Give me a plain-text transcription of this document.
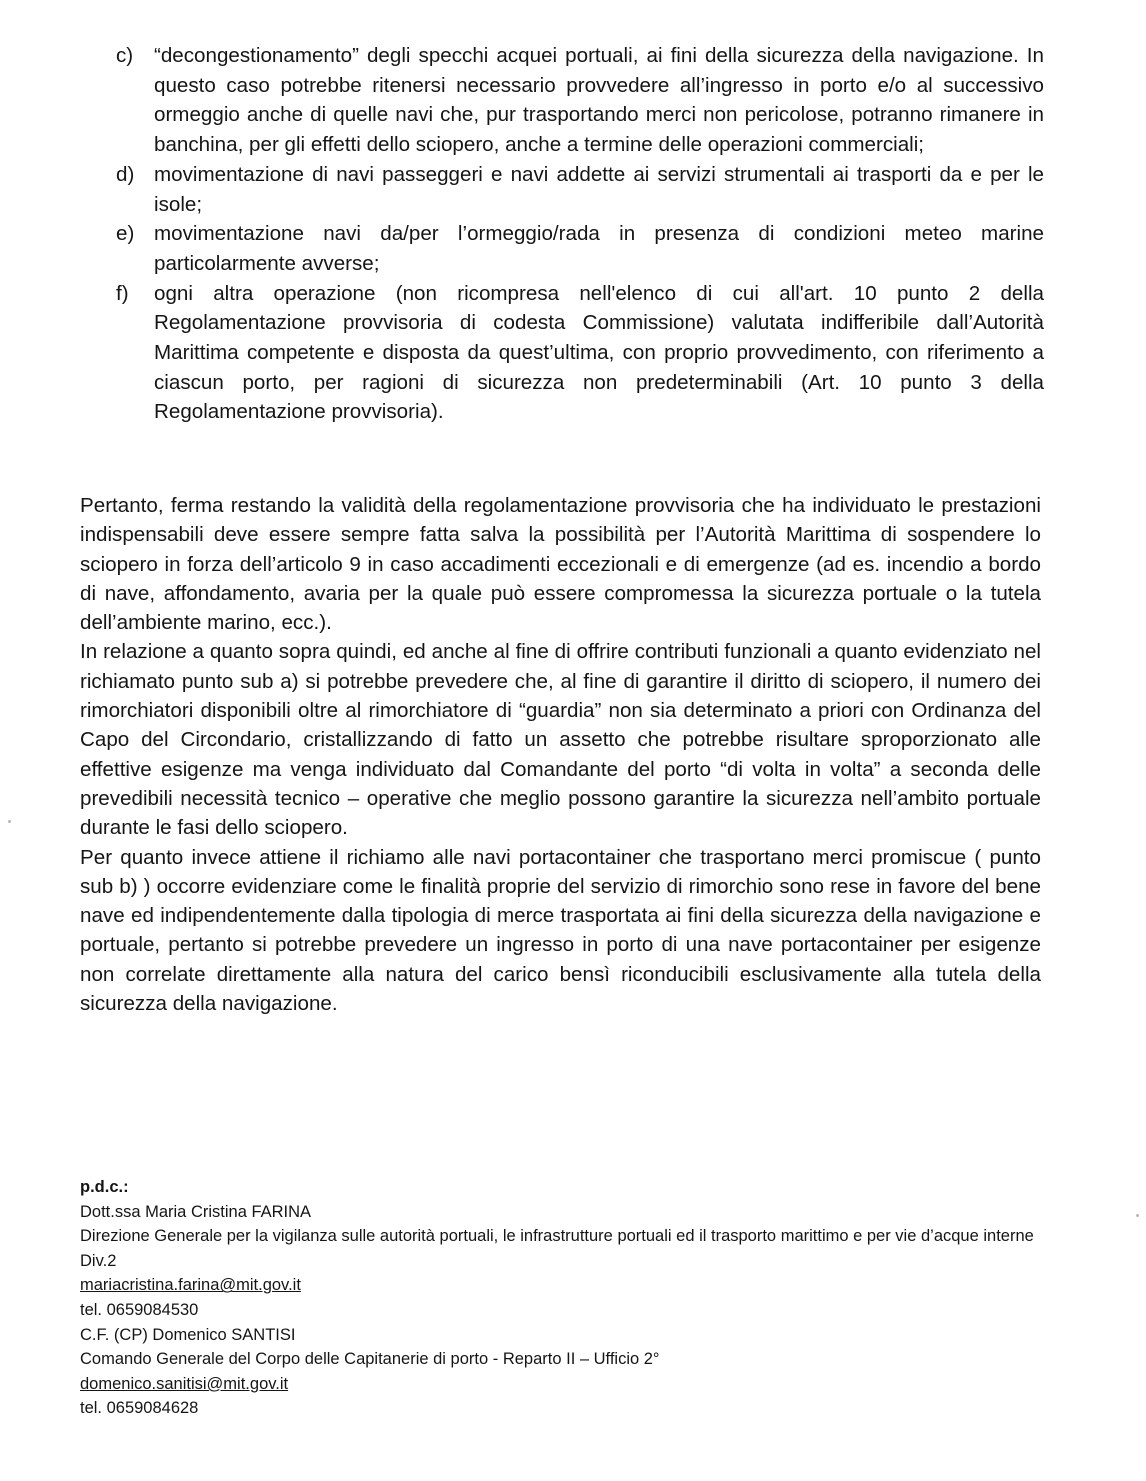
c)	“decongestionamento” degli specchi acquei portuali, ai fini della sicurezza della navigazione. In questo caso potrebbe ritenersi necessario provvedere all’ingresso in porto e/o al successivo ormeggio anche di quelle navi che, pur trasportando merci non pericolose, potranno rimanere in banchina, per gli effetti dello sciopero, anche a termine delle operazioni commerciali;
d) movimentazione di navi passeggeri e navi addette ai servizi strumentali ai trasporti da e per le isole;
e) movimentazione navi da/per l’ormeggio/rada in presenza di condizioni meteo marine particolarmente avverse;
f)	ogni altra operazione (non ricompresa nell'elenco di cui all'art. 10 punto 2 della Regolamentazione provvisoria di codesta Commissione) valutata indifferibile dall’Autorità Marittima competente e disposta da quest’ultima, con proprio provvedimento, con riferimento a ciascun porto, per ragioni di sicurezza non predeterminabili (Art. 10 punto 3 della Regolamentazione provvisoria).

Pertanto, ferma restando la validità della regolamentazione provvisoria che ha individuato le prestazioni indispensabili deve essere sempre fatta salva la possibilità per l’Autorità Marittima di sospendere lo sciopero in forza dell’articolo 9 in caso accadimenti eccezionali e di emergenze (ad es. incendio a bordo di nave, affondamento, avaria per la quale può essere compromessa la sicurezza portuale o la tutela dell’ambiente marino, ecc.).

In relazione a quanto sopra quindi, ed anche al fine di offrire contributi funzionali a quanto evidenziato nel richiamato punto sub a) si potrebbe prevedere che, al fine di garantire il diritto di sciopero, il numero dei rimorchiatori disponibili oltre al rimorchiatore di “guardia” non sia determinato a priori con Ordinanza del Capo del Circondario, cristallizzando di fatto un assetto che potrebbe risultare sproporzionato alle effettive esigenze ma venga individuato dal Comandante del porto “di volta in volta” a seconda delle prevedibili necessità tecnico – operative che meglio possono garantire la sicurezza nell’ambito portuale durante le fasi dello sciopero.

Per quanto invece attiene il richiamo alle navi portacontainer che trasportano merci promiscue ( punto sub b) ) occorre evidenziare come le finalità proprie del servizio di rimorchio sono rese in favore del bene nave ed indipendentemente dalla tipologia di merce trasportata ai fini della sicurezza della navigazione e portuale, pertanto si potrebbe prevedere un ingresso in porto di una nave portacontainer per esigenze non correlate direttamente alla natura del carico bensì riconducibili esclusivamente alla tutela della sicurezza della navigazione.

p.d.c.:

Dott.ssa Maria Cristina FARINA

Direzione Generale per la vigilanza sulle autorità portuali, le infrastrutture portuali ed il trasporto marittimo e per vie d’acque interne Div.2

mariacristina.farina@mit.gov.it

tel. 0659084530

C.F. (CP) Domenico SANTISI

Comando Generale del Corpo delle Capitanerie di porto - Reparto II – Ufficio 2°

domenico.sanitisi@mit.gov.it

tel. 0659084628
